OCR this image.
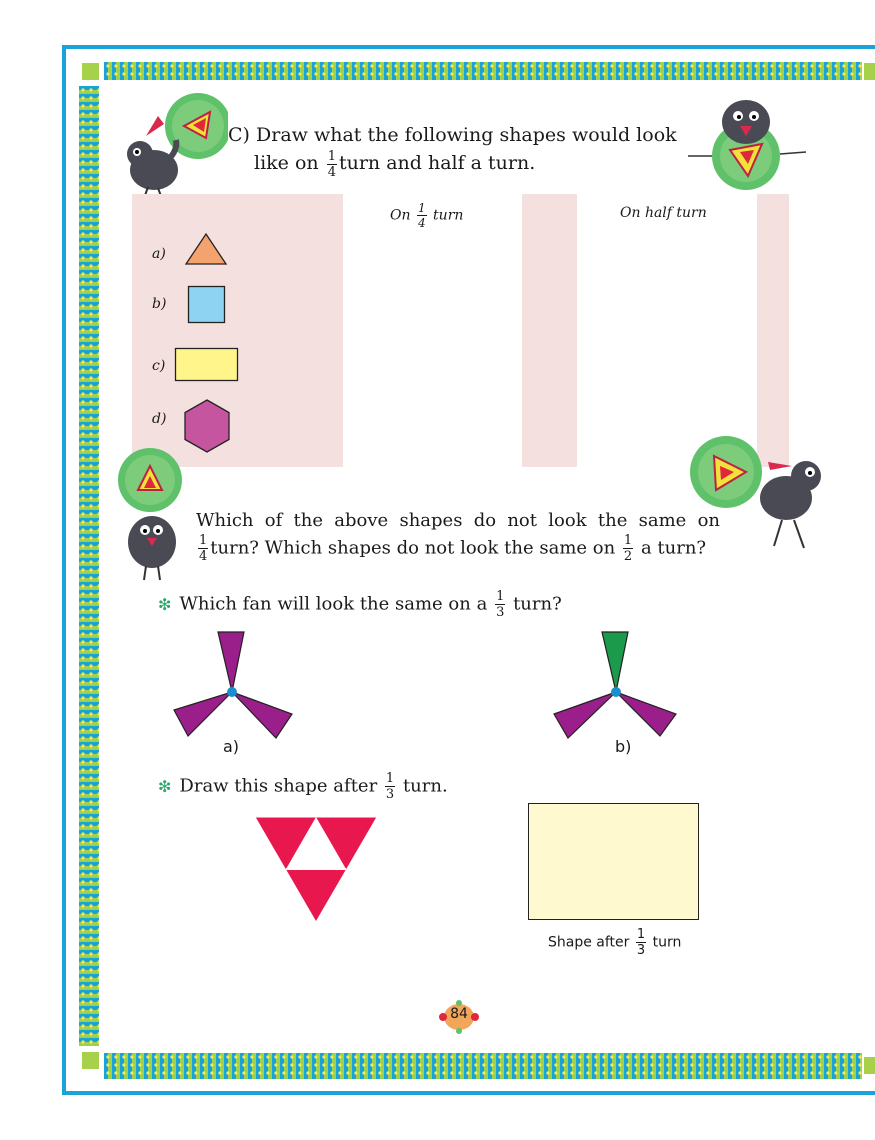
C) Draw what the following shapes would look
like on $\frac{1}{4}$ turn and half a turn.
On $\frac{1}{4}$ turn	On half turn
a)
b)
c)
d)
Which of the above shapes do not look the same on
$\frac{1}{4}$ turn? Which shapes do not look the same on $\frac{1}{2}$ a turn?
❇ Which fan will look the same on a $\frac{1}{3}$ turn?
a)	b)
❇ Draw this shape after $\frac{1}{3}$ turn.
Shape after $\frac{1}{3}$ turn
84
